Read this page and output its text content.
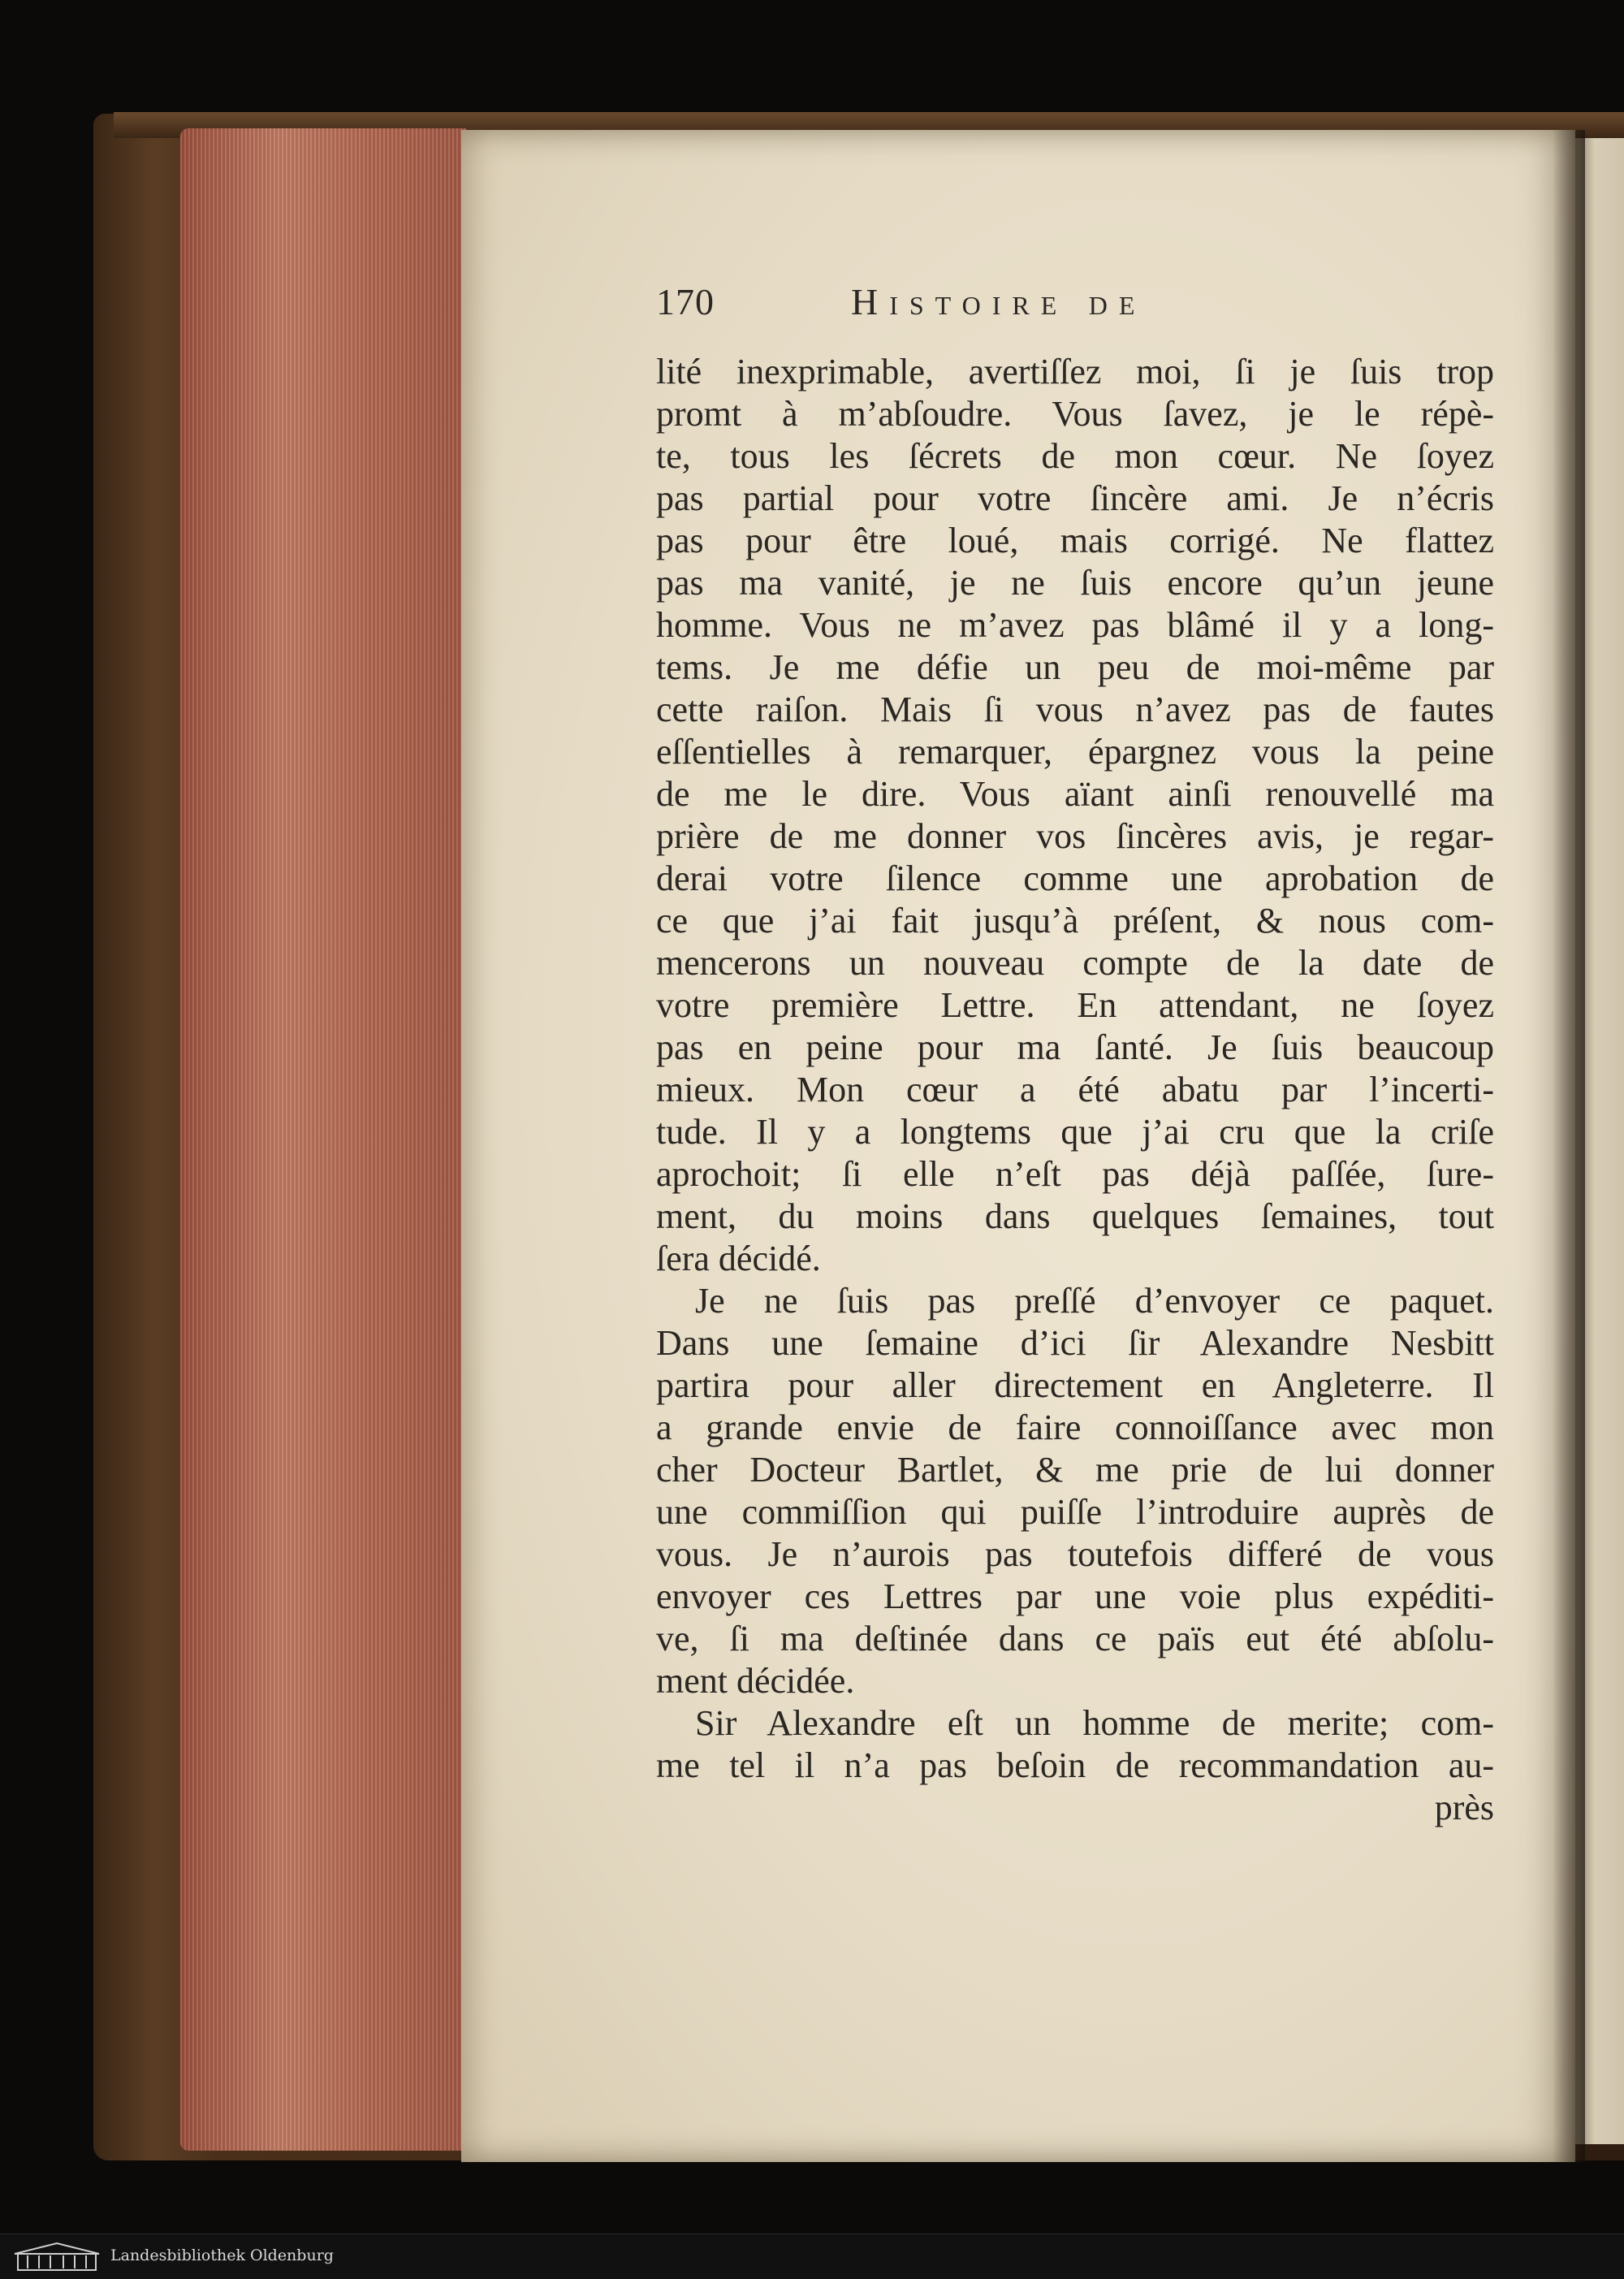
170	Histoire de
lité inexprimable, avertiſſez moi, ſi je ſuis trop
promt à m’abſoudre. Vous ſavez, je le répè-
te, tous les ſécrets de mon cœur. Ne ſoyez
pas partial pour votre ſincère ami. Je n’écris
pas pour être loué, mais corrigé. Ne flattez
pas ma vanité, je ne ſuis encore qu’un jeune
homme. Vous ne m’avez pas blâmé il y a long-
tems. Je me défie un peu de moi-même par
cette raiſon. Mais ſi vous n’avez pas de fautes
eſſentielles à remarquer, épargnez vous la peine
de me le dire. Vous aïant ainſi renouvellé ma
prière de me donner vos ſincères avis, je regar-
derai votre ſilence comme une aprobation de
ce que j’ai fait jusqu’à préſent, & nous com-
mencerons un nouveau compte de la date de
votre première Lettre. En attendant, ne ſoyez
pas en peine pour ma ſanté. Je ſuis beaucoup
mieux. Mon cœur a été abatu par l’incerti-
tude. Il y a longtems que j’ai cru que la criſe
aprochoit; ſi elle n’eſt pas déjà paſſée, ſure-
ment, du moins dans quelques ſemaines, tout
ſera décidé.
Je ne ſuis pas preſſé d’envoyer ce paquet.
Dans une ſemaine d’ici ſir Alexandre Nesbitt
partira pour aller directement en Angleterre. Il
a grande envie de faire connoiſſance avec mon
cher Docteur Bartlet, & me prie de lui donner
une commiſſion qui puiſſe l’introduire auprès de
vous. Je n’aurois pas toutefois differé de vous
envoyer ces Lettres par une voie plus expéditi-
ve, ſi ma deſtinée dans ce païs eut été abſolu-
ment décidée.
Sir Alexandre eſt un homme de merite; com-
me tel il n’a pas beſoin de recommandation au-
près
Landesbibliothek Oldenburg
